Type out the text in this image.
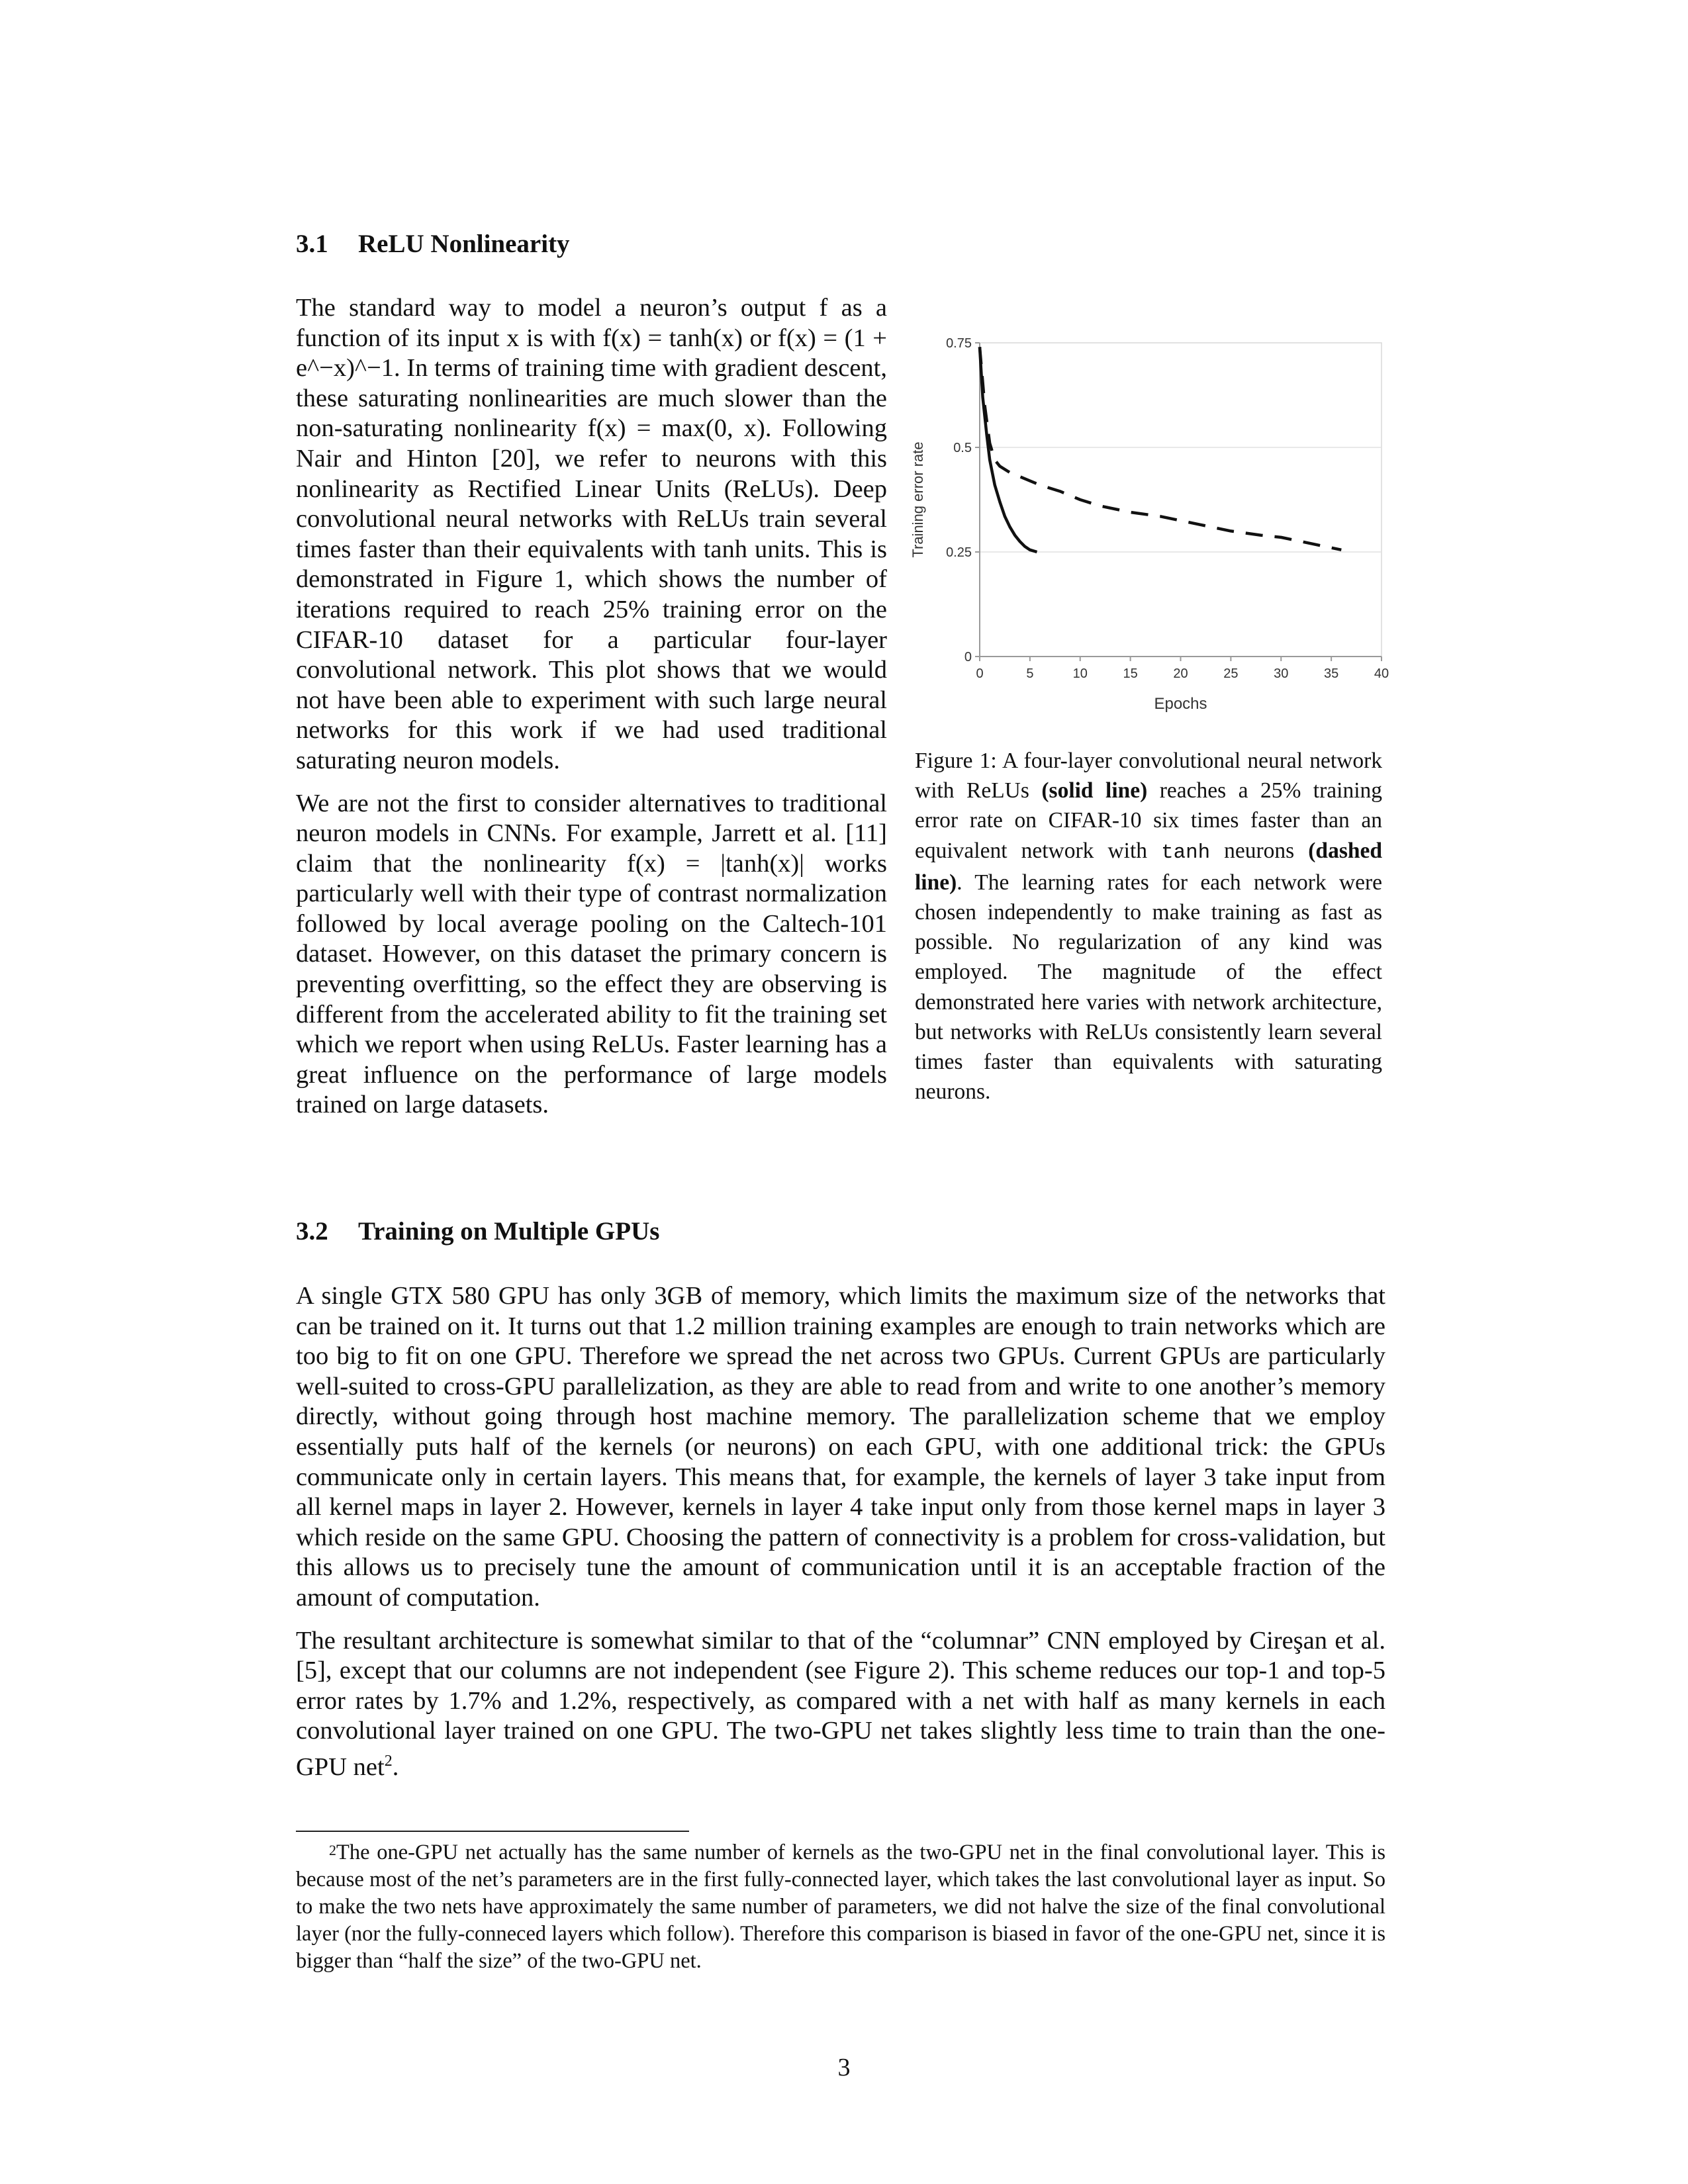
3.1 ReLU Nonlinearity

The standard way to model a neuron’s output f as a function of its input x is with f(x) = tanh(x) or f(x) = (1 + e^−x)^−1. In terms of training time with gradient descent, these saturating nonlinearities are much slower than the non-saturating nonlinearity f(x) = max(0, x). Following Nair and Hinton [20], we refer to neurons with this nonlinearity as Rectified Linear Units (ReLUs). Deep convolutional neural networks with ReLUs train several times faster than their equivalents with tanh units. This is demonstrated in Figure 1, which shows the number of iterations required to reach 25% training error on the CIFAR-10 dataset for a particular four-layer convolutional network. This plot shows that we would not have been able to experiment with such large neural networks for this work if we had used traditional saturating neuron models.

We are not the first to consider alternatives to traditional neuron models in CNNs. For example, Jarrett et al. [11] claim that the nonlinearity f(x) = |tanh(x)| works particularly well with their type of contrast normalization followed by local average pooling on the Caltech-101 dataset. However, on this dataset the primary concern is preventing overfitting, so the effect they are observing is different from the accelerated ability to fit the training set which we report when using ReLUs. Faster learning has a great influence on the performance of large models trained on large datasets.

0
0.25
0.5
0.75
0	5	10	15	20	25	30	35	40
Epochs
Training error rate
Figure 1: A four-layer convolutional neural network with ReLUs (solid line) reaches a 25% training error rate on CIFAR-10 six times faster than an equivalent network with tanh neurons (dashed line). The learning rates for each network were chosen independently to make training as fast as possible. No regularization of any kind was employed. The magnitude of the effect demonstrated here varies with network architecture, but networks with ReLUs consistently learn several times faster than equivalents with saturating neurons.
3.2 Training on Multiple GPUs

A single GTX 580 GPU has only 3GB of memory, which limits the maximum size of the networks that can be trained on it. It turns out that 1.2 million training examples are enough to train networks which are too big to fit on one GPU. Therefore we spread the net across two GPUs. Current GPUs are particularly well-suited to cross-GPU parallelization, as they are able to read from and write to one another’s memory directly, without going through host machine memory. The parallelization scheme that we employ essentially puts half of the kernels (or neurons) on each GPU, with one additional trick: the GPUs communicate only in certain layers. This means that, for example, the kernels of layer 3 take input from all kernel maps in layer 2. However, kernels in layer 4 take input only from those kernel maps in layer 3 which reside on the same GPU. Choosing the pattern of connectivity is a problem for cross-validation, but this allows us to precisely tune the amount of communication until it is an acceptable fraction of the amount of computation.

The resultant architecture is somewhat similar to that of the “columnar” CNN employed by Cireşan et al. [5], except that our columns are not independent (see Figure 2). This scheme reduces our top-1 and top-5 error rates by 1.7% and 1.2%, respectively, as compared with a net with half as many kernels in each convolutional layer trained on one GPU. The two-GPU net takes slightly less time to train than the one-GPU net$^2$.

$^2$The one-GPU net actually has the same number of kernels as the two-GPU net in the final convolutional layer. This is because most of the net’s parameters are in the first fully-connected layer, which takes the last convolutional layer as input. So to make the two nets have approximately the same number of parameters, we did not halve the size of the final convolutional layer (nor the fully-conneced layers which follow). Therefore this comparison is biased in favor of the one-GPU net, since it is bigger than “half the size” of the two-GPU net.
3
